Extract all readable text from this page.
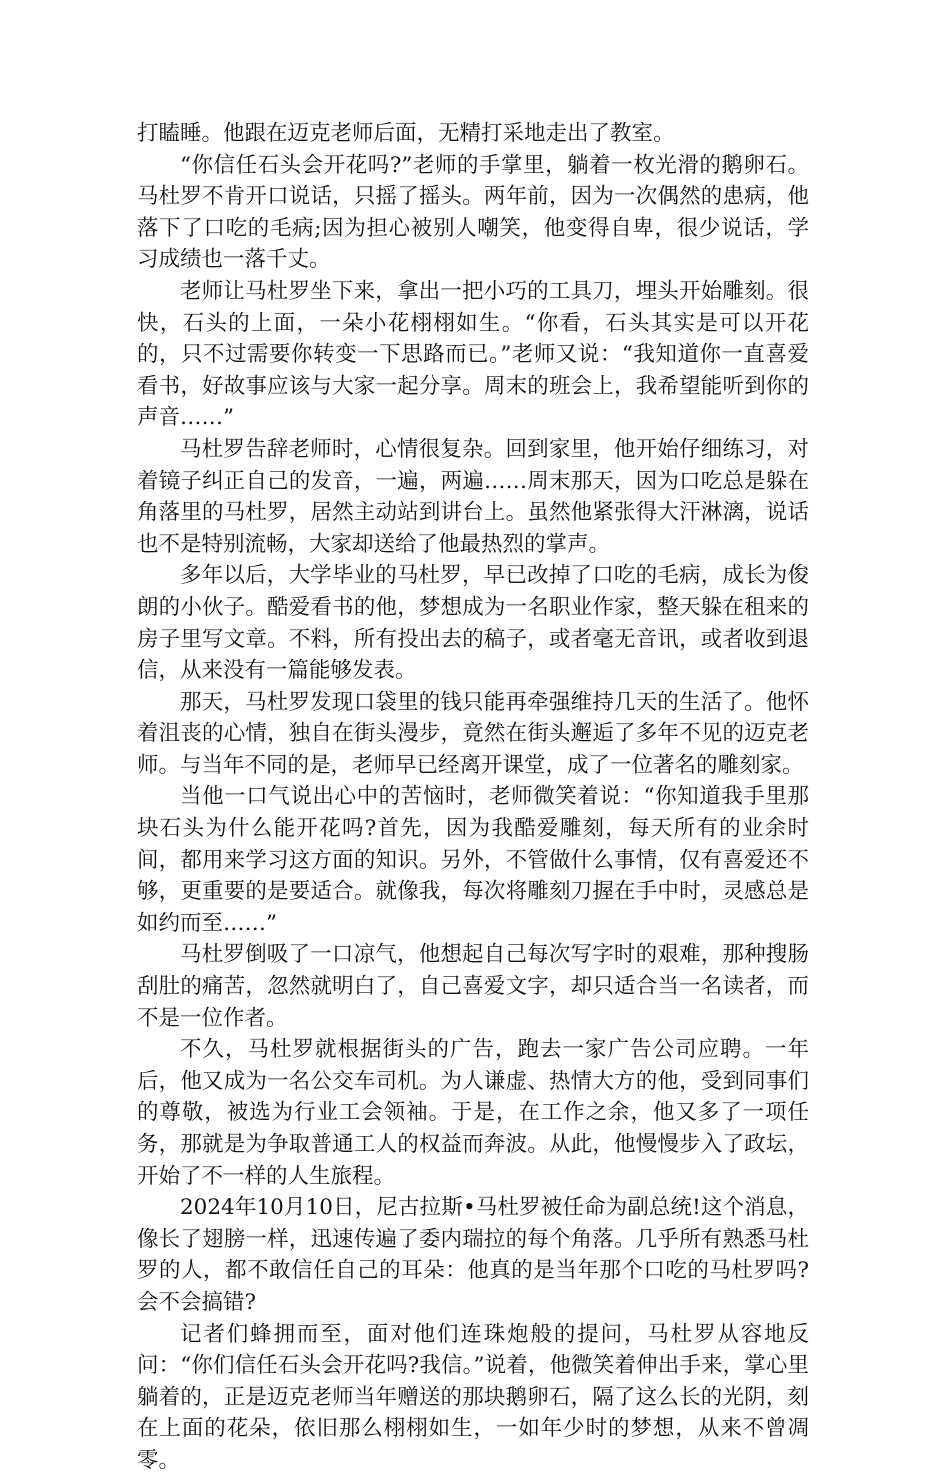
打瞌睡。他跟在迈克老师后面，无精打采地走出了教室。

“你信任石头会开花吗?”老师的手掌里，躺着一枚光滑的鹅卵石。马杜罗不肯开口说话，只摇了摇头。两年前，因为一次偶然的患病，他落下了口吃的毛病;因为担心被别人嘲笑，他变得自卑，很少说话，学习成绩也一落千丈。

老师让马杜罗坐下来，拿出一把小巧的工具刀，埋头开始雕刻。很快，石头的上面，一朵小花栩栩如生。“你看，石头其实是可以开花的，只不过需要你转变一下思路而已。”老师又说：“我知道你一直喜爱看书，好故事应该与大家一起分享。周末的班会上，我希望能听到你的声音……”

马杜罗告辞老师时，心情很复杂。回到家里，他开始仔细练习，对着镜子纠正自己的发音，一遍，两遍……周末那天，因为口吃总是躲在角落里的马杜罗，居然主动站到讲台上。虽然他紧张得大汗淋漓，说话也不是特别流畅，大家却送给了他最热烈的掌声。

多年以后，大学毕业的马杜罗，早已改掉了口吃的毛病，成长为俊朗的小伙子。酷爱看书的他，梦想成为一名职业作家，整天躲在租来的房子里写文章。不料，所有投出去的稿子，或者毫无音讯，或者收到退信，从来没有一篇能够发表。

那天，马杜罗发现口袋里的钱只能再牵强维持几天的生活了。他怀着沮丧的心情，独自在街头漫步，竟然在街头邂逅了多年不见的迈克老师。与当年不同的是，老师早已经离开课堂，成了一位著名的雕刻家。

当他一口气说出心中的苦恼时，老师微笑着说：“你知道我手里那块石头为什么能开花吗?首先，因为我酷爱雕刻，每天所有的业余时间，都用来学习这方面的知识。另外，不管做什么事情，仅有喜爱还不够，更重要的是要适合。就像我，每次将雕刻刀握在手中时，灵感总是如约而至……”

马杜罗倒吸了一口凉气，他想起自己每次写字时的艰难，那种搜肠刮肚的痛苦，忽然就明白了，自己喜爱文字，却只适合当一名读者，而不是一位作者。

不久，马杜罗就根据街头的广告，跑去一家广告公司应聘。一年后，他又成为一名公交车司机。为人谦虚、热情大方的他，受到同事们的尊敬，被选为行业工会领袖。于是，在工作之余，他又多了一项任务，那就是为争取普通工人的权益而奔波。从此，他慢慢步入了政坛，开始了不一样的人生旅程。

2024年10月10日，尼古拉斯•马杜罗被任命为副总统!这个消息，像长了翅膀一样，迅速传遍了委内瑞拉的每个角落。几乎所有熟悉马杜罗的人，都不敢信任自己的耳朵：他真的是当年那个口吃的马杜罗吗?会不会搞错?

记者们蜂拥而至，面对他们连珠炮般的提问，马杜罗从容地反问：“你们信任石头会开花吗?我信。”说着，他微笑着伸出手来，掌心里躺着的，正是迈克老师当年赠送的那块鹅卵石，隔了这么长的光阴，刻在上面的花朵，依旧那么栩栩如生，一如年少时的梦想，从来不曾凋零。
